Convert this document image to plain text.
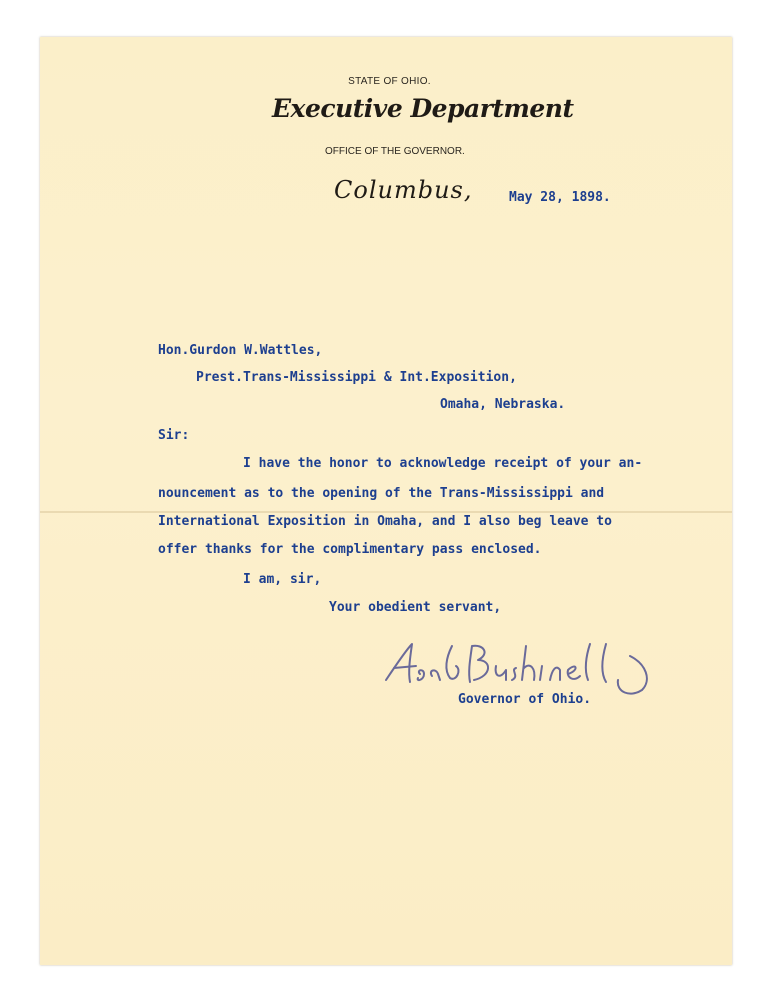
STATE OF OHIO.
Executive Department
OFFICE OF THE GOVERNOR.
Columbus,	May 28, 1898.
Hon.Gurdon W.Wattles,
Prest.Trans-Mississippi & Int.Exposition,
Omaha, Nebraska.
Sir:
I have the honor to acknowledge receipt of your an-
nouncement as to the opening of the Trans-Mississippi and
International Exposition in Omaha, and I also beg leave to
offer thanks for the complimentary pass enclosed.
I am, sir,
Your obedient servant,
Governor of Ohio.
